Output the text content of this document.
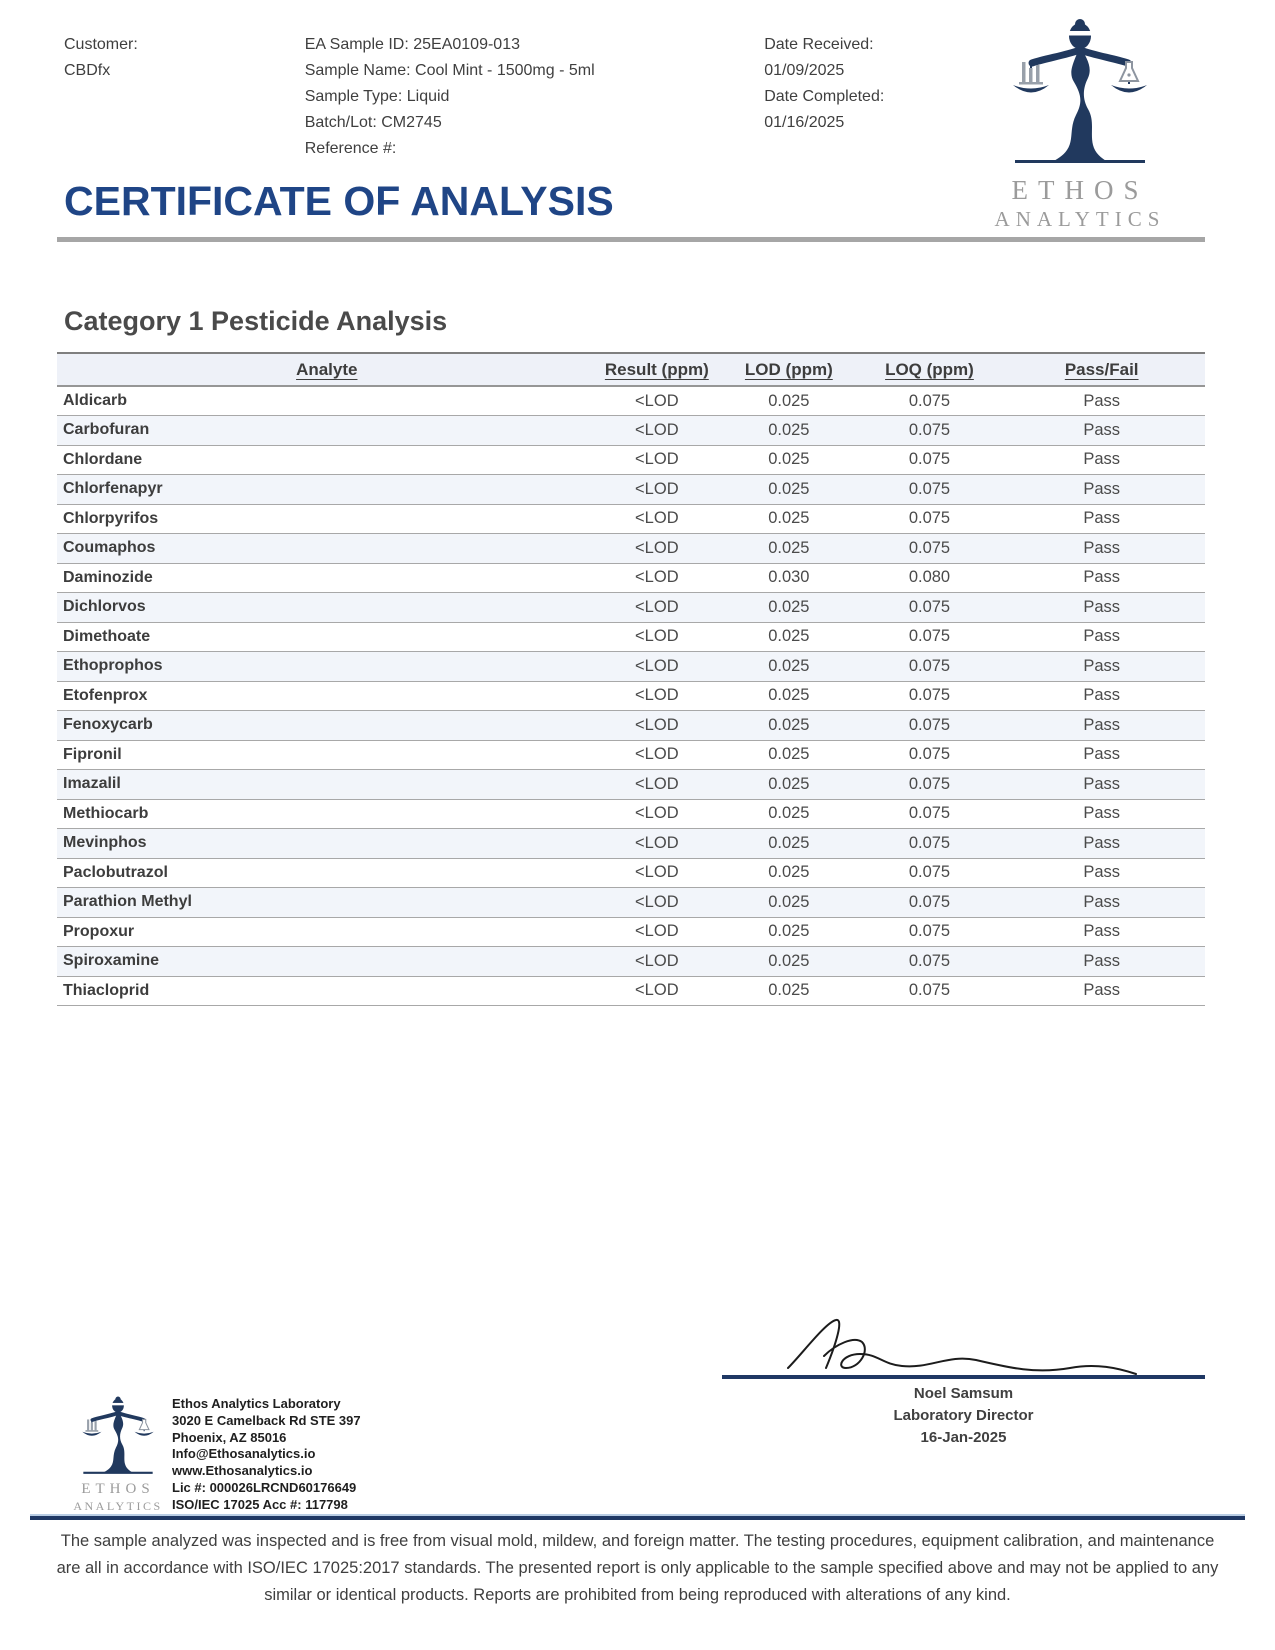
Customer:
CBDfx
EA Sample ID: 25EA0109-013
Sample Name: Cool Mint - 1500mg - 5ml
Sample Type: Liquid
Batch/Lot: CM2745
Reference #:
Date Received:
01/09/2025
Date Completed:
01/16/2025
ETHOS
ANALYTICS
CERTIFICATE OF ANALYSIS
Category 1 Pesticide Analysis
Analyte	Result (ppm)	LOD (ppm)	LOQ (ppm)	Pass/Fail
Aldicarb	<LOD	0.025	0.075	Pass
Carbofuran	<LOD	0.025	0.075	Pass
Chlordane	<LOD	0.025	0.075	Pass
Chlorfenapyr	<LOD	0.025	0.075	Pass
Chlorpyrifos	<LOD	0.025	0.075	Pass
Coumaphos	<LOD	0.025	0.075	Pass
Daminozide	<LOD	0.030	0.080	Pass
Dichlorvos	<LOD	0.025	0.075	Pass
Dimethoate	<LOD	0.025	0.075	Pass
Ethoprophos	<LOD	0.025	0.075	Pass
Etofenprox	<LOD	0.025	0.075	Pass
Fenoxycarb	<LOD	0.025	0.075	Pass
Fipronil	<LOD	0.025	0.075	Pass
Imazalil	<LOD	0.025	0.075	Pass
Methiocarb	<LOD	0.025	0.075	Pass
Mevinphos	<LOD	0.025	0.075	Pass
Paclobutrazol	<LOD	0.025	0.075	Pass
Parathion Methyl	<LOD	0.025	0.075	Pass
Propoxur	<LOD	0.025	0.075	Pass
Spiroxamine	<LOD	0.025	0.075	Pass
Thiacloprid	<LOD	0.025	0.075	Pass
ETHOS
ANALYTICS
Ethos Analytics Laboratory
3020 E Camelback Rd STE 397
Phoenix, AZ 85016
Info@Ethosanalytics.io
www.Ethosanalytics.io
Lic #: 000026LRCND60176649
ISO/IEC 17025 Acc #: 117798
Noel Samsum
Laboratory Director
16-Jan-2025
The sample analyzed was inspected and is free from visual mold, mildew, and foreign matter. The testing procedures, equipment calibration, and maintenance are all in accordance with ISO/IEC 17025:2017 standards. The presented report is only applicable to the sample specified above and may not be applied to any similar or identical products. Reports are prohibited from being reproduced with alterations of any kind.
